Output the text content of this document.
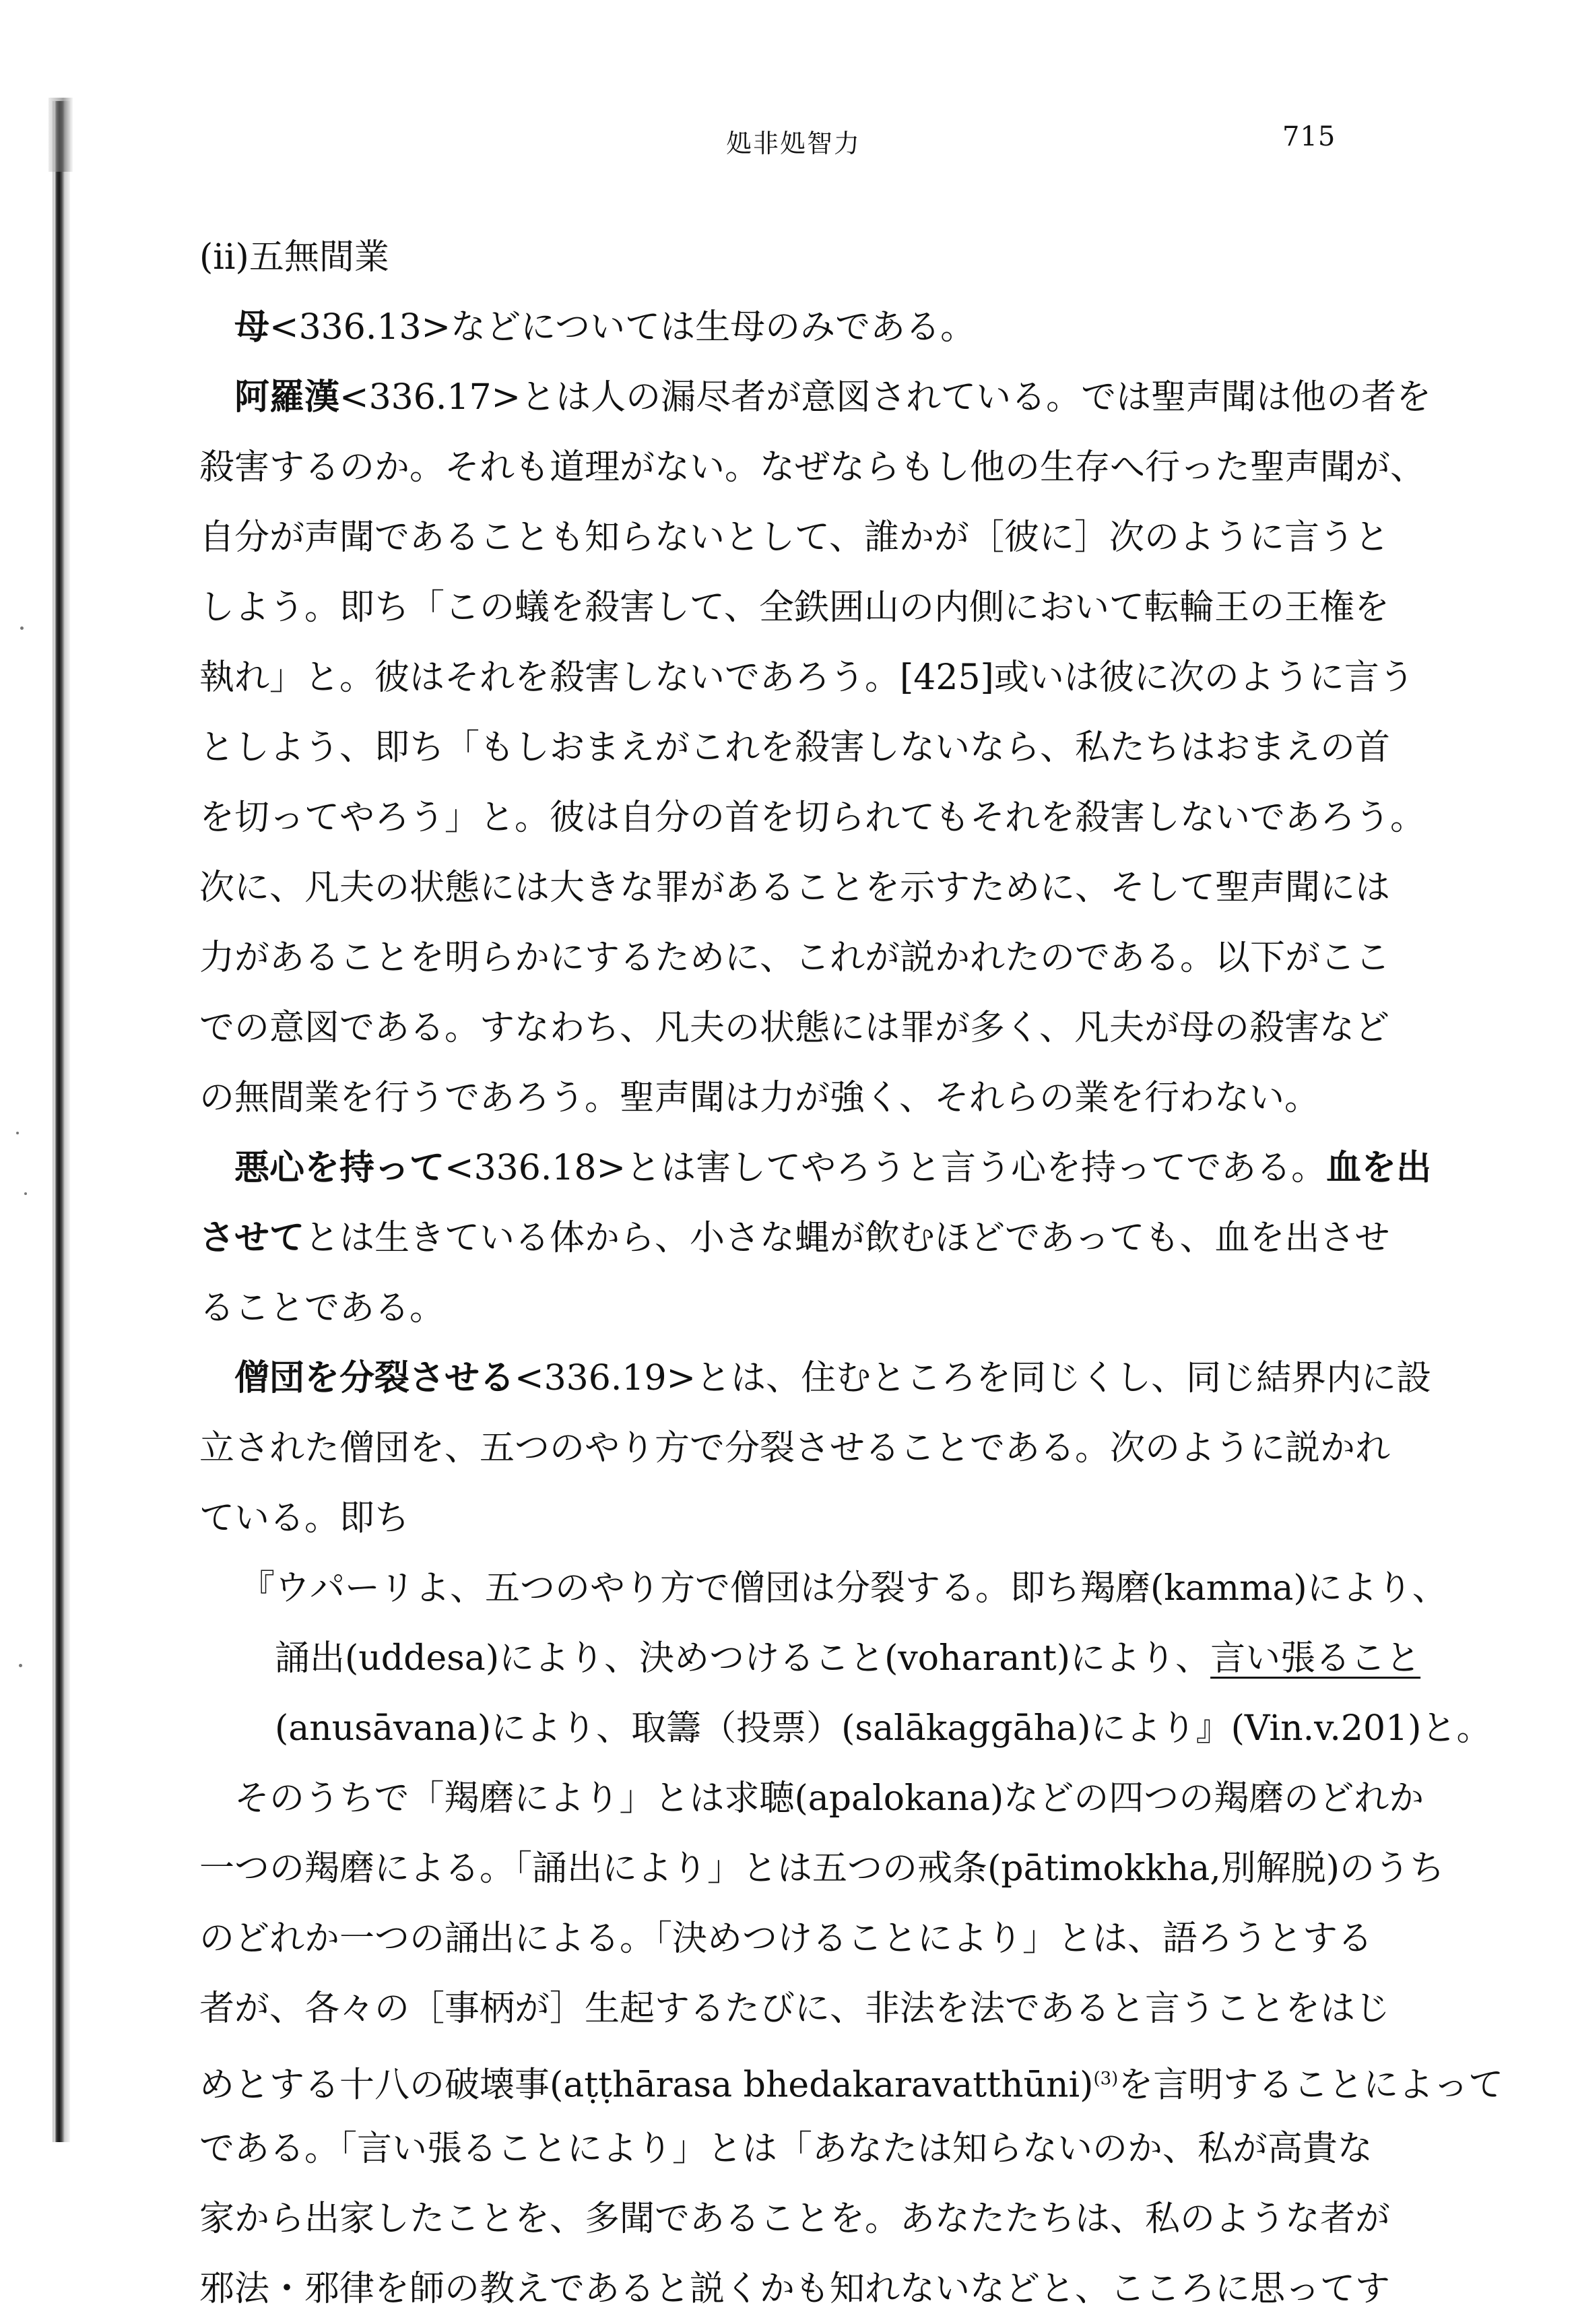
処非処智力	715
(ii)五無間業
母<336.13>などについては生母のみである。
阿羅漢<336.17>とは人の漏尽者が意図されている。では聖声聞は他の者を
殺害するのか。それも道理がない。なぜならもし他の生存へ行った聖声聞が、
自分が声聞であることも知らないとして、誰かが［彼に］次のように言うと
しよう。即ち「この蟻を殺害して、全鉄囲山の内側において転輪王の王権を
執れ」と。彼はそれを殺害しないであろう。[425]或いは彼に次のように言う
としよう、即ち「もしおまえがこれを殺害しないなら、私たちはおまえの首
を切ってやろう」と。彼は自分の首を切られてもそれを殺害しないであろう。
次に、凡夫の状態には大きな罪があることを示すために、そして聖声聞には
力があることを明らかにするために、これが説かれたのである。以下がここ
での意図である。すなわち、凡夫の状態には罪が多く、凡夫が母の殺害など
の無間業を行うであろう。聖声聞は力が強く、それらの業を行わない。
悪心を持って<336.18>とは害してやろうと言う心を持ってである。血を出
させてとは生きている体から、小さな蝿が飲むほどであっても、血を出させ
ることである。
僧団を分裂させる<336.19>とは、住むところを同じくし、同じ結界内に設
立された僧団を、五つのやり方で分裂させることである。次のように説かれ
ている。即ち
『ウパーリよ、五つのやり方で僧団は分裂する。即ち羯磨(kamma)により、
誦出(uddesa)により、決めつけること(voharant)により、言い張ること
(anusāvana)により、取籌（投票）(salākaggāha)により』(Vin.v.201)と。
そのうちで「羯磨により」とは求聴(apalokana)などの四つの羯磨のどれか
一つの羯磨による。「誦出により」とは五つの戒条(pātimokkha,別解脱)のうち
のどれか一つの誦出による。「決めつけることにより」とは、語ろうとする
者が、各々の［事柄が］生起するたびに、非法を法であると言うことをはじ
めとする十八の破壊事(aṭṭhārasa bhedakaravatthūni)$^{(3)}$を言明することによって
である。「言い張ることにより」とは「あなたは知らないのか、私が高貴な
家から出家したことを、多聞であることを。あなたたちは、私のような者が
邪法・邪律を師の教えであると説くかも知れないなどと、こころに思ってす
